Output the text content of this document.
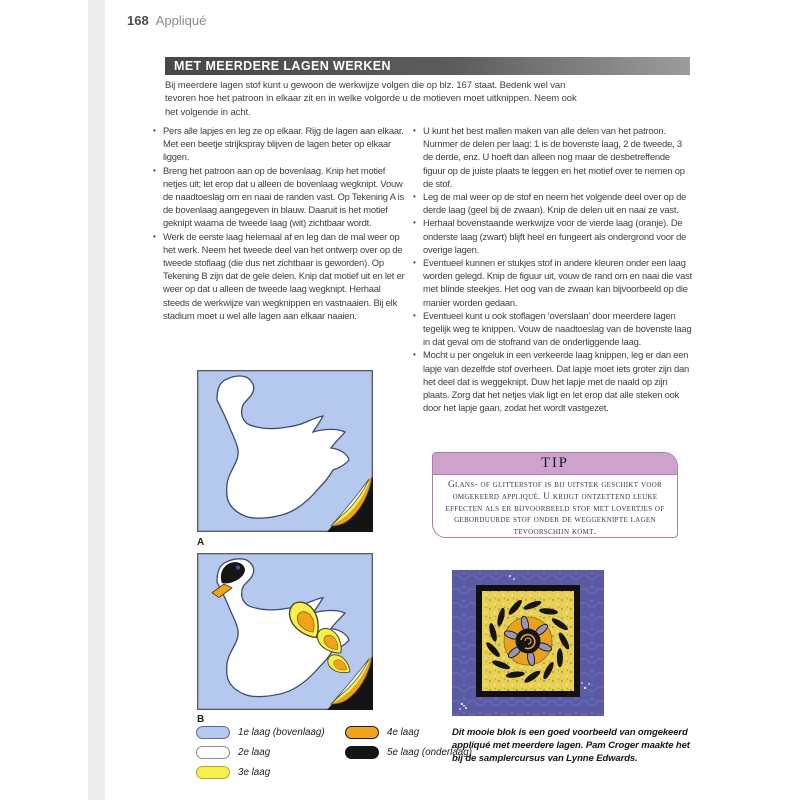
168 Appliqué
MET MEERDERE LAGEN WERKEN
Bij meerdere lagen stof kunt u gewoon de werkwijze volgen die op blz. 167 staat. Bedenk wel van tevoren hoe het patroon in elkaar zit en in welke volgorde u de motieven moet uitknippen. Neem ook het volgende in acht.
• Pers alle lapjes en leg ze op elkaar. Rijg de lagen aan elkaar. Met een beetje strijkspray blijven de lagen beter op elkaar liggen.
• Breng het patroon aan op de bovenlaag. Knip het motief netjes uit; let erop dat u alleen de bovenlaag wegknipt. Vouw de naadtoeslag om en naai de randen vast. Op Tekening A is de bovenlaag aangegeven in blauw. Daaruit is het motief geknipt waarna de tweede laag (wit) zichtbaar wordt.
• Werk de eerste laag helemaal af en leg dan de mal weer op het werk. Neem het tweede deel van het ontwerp over op de tweede stoflaag (die dus net zichtbaar is geworden). Op Tekening B zijn dat de gele delen. Knip dat motief uit en let er weer op dat u alleen de tweede laag wegknipt. Herhaal steeds de werkwijze van wegknippen en vastnaaien. Bij elk stadium moet u wel alle lagen aan elkaar naaien.
• U kunt het best mallen maken van alle delen van het patroon. Nummer de delen per laag: 1 is de bovenste laag, 2 de tweede, 3 de derde, enz. U hoeft dan alleen nog maar de desbetreffende figuur op de juiste plaats te leggen en het motief over te nemen op de stof.
• Leg de mal weer op de stof en neem het volgende deel over op de derde laag (geel bij de zwaan). Knip de delen uit en naai ze vast.
• Herhaal bovenstaande werkwijze voor de vierde laag (oranje). De onderste laag (zwart) blijft heel en fungeert als ondergrond voor de overige lagen.
• Eventueel kunnen er stukjes stof in andere kleuren onder een laag worden gelegd. Knip de figuur uit, vouw de rand om en naai die vast met blinde steekjes. Het oog van de zwaan kan bijvoorbeeld op die manier worden gedaan.
• Eventueel kunt u ook stoflagen ‘overslaan’ door meerdere lagen tegelijk weg te knippen. Vouw de naadtoeslag van de bovenste laag in dat geval om de stofrand van de onderliggende laag.
• Mocht u per ongeluk in een verkeerde laag knippen, leg er dan een lapje van dezelfde stof overheen. Dat lapje moet iets groter zijn dan het deel dat is weggeknipt. Duw het lapje met de naald op zijn plaats. Zorg dat het netjes vlak ligt en let erop dat alle steken ook door het lapje gaan, zodat het wordt vastgezet.
A
B
1e laag (bovenlaag)
2e laag
3e laag
4e laag
5e laag (onderlaag)
TIP
Glans- of glitterstof is bij uitstek geschikt voor omgekeerd appliqué. U krijgt ontzettend leuke effecten als er bijvoorbeeld stof met lovertjes of geborduurde stof onder de weggeknipte lagen tevoorschijn komt.
Dit mooie blok is een goed voorbeeld van omgekeerd appliqué met meerdere lagen. Pam Croger maakte het bij de samplercursus van Lynne Edwards.
